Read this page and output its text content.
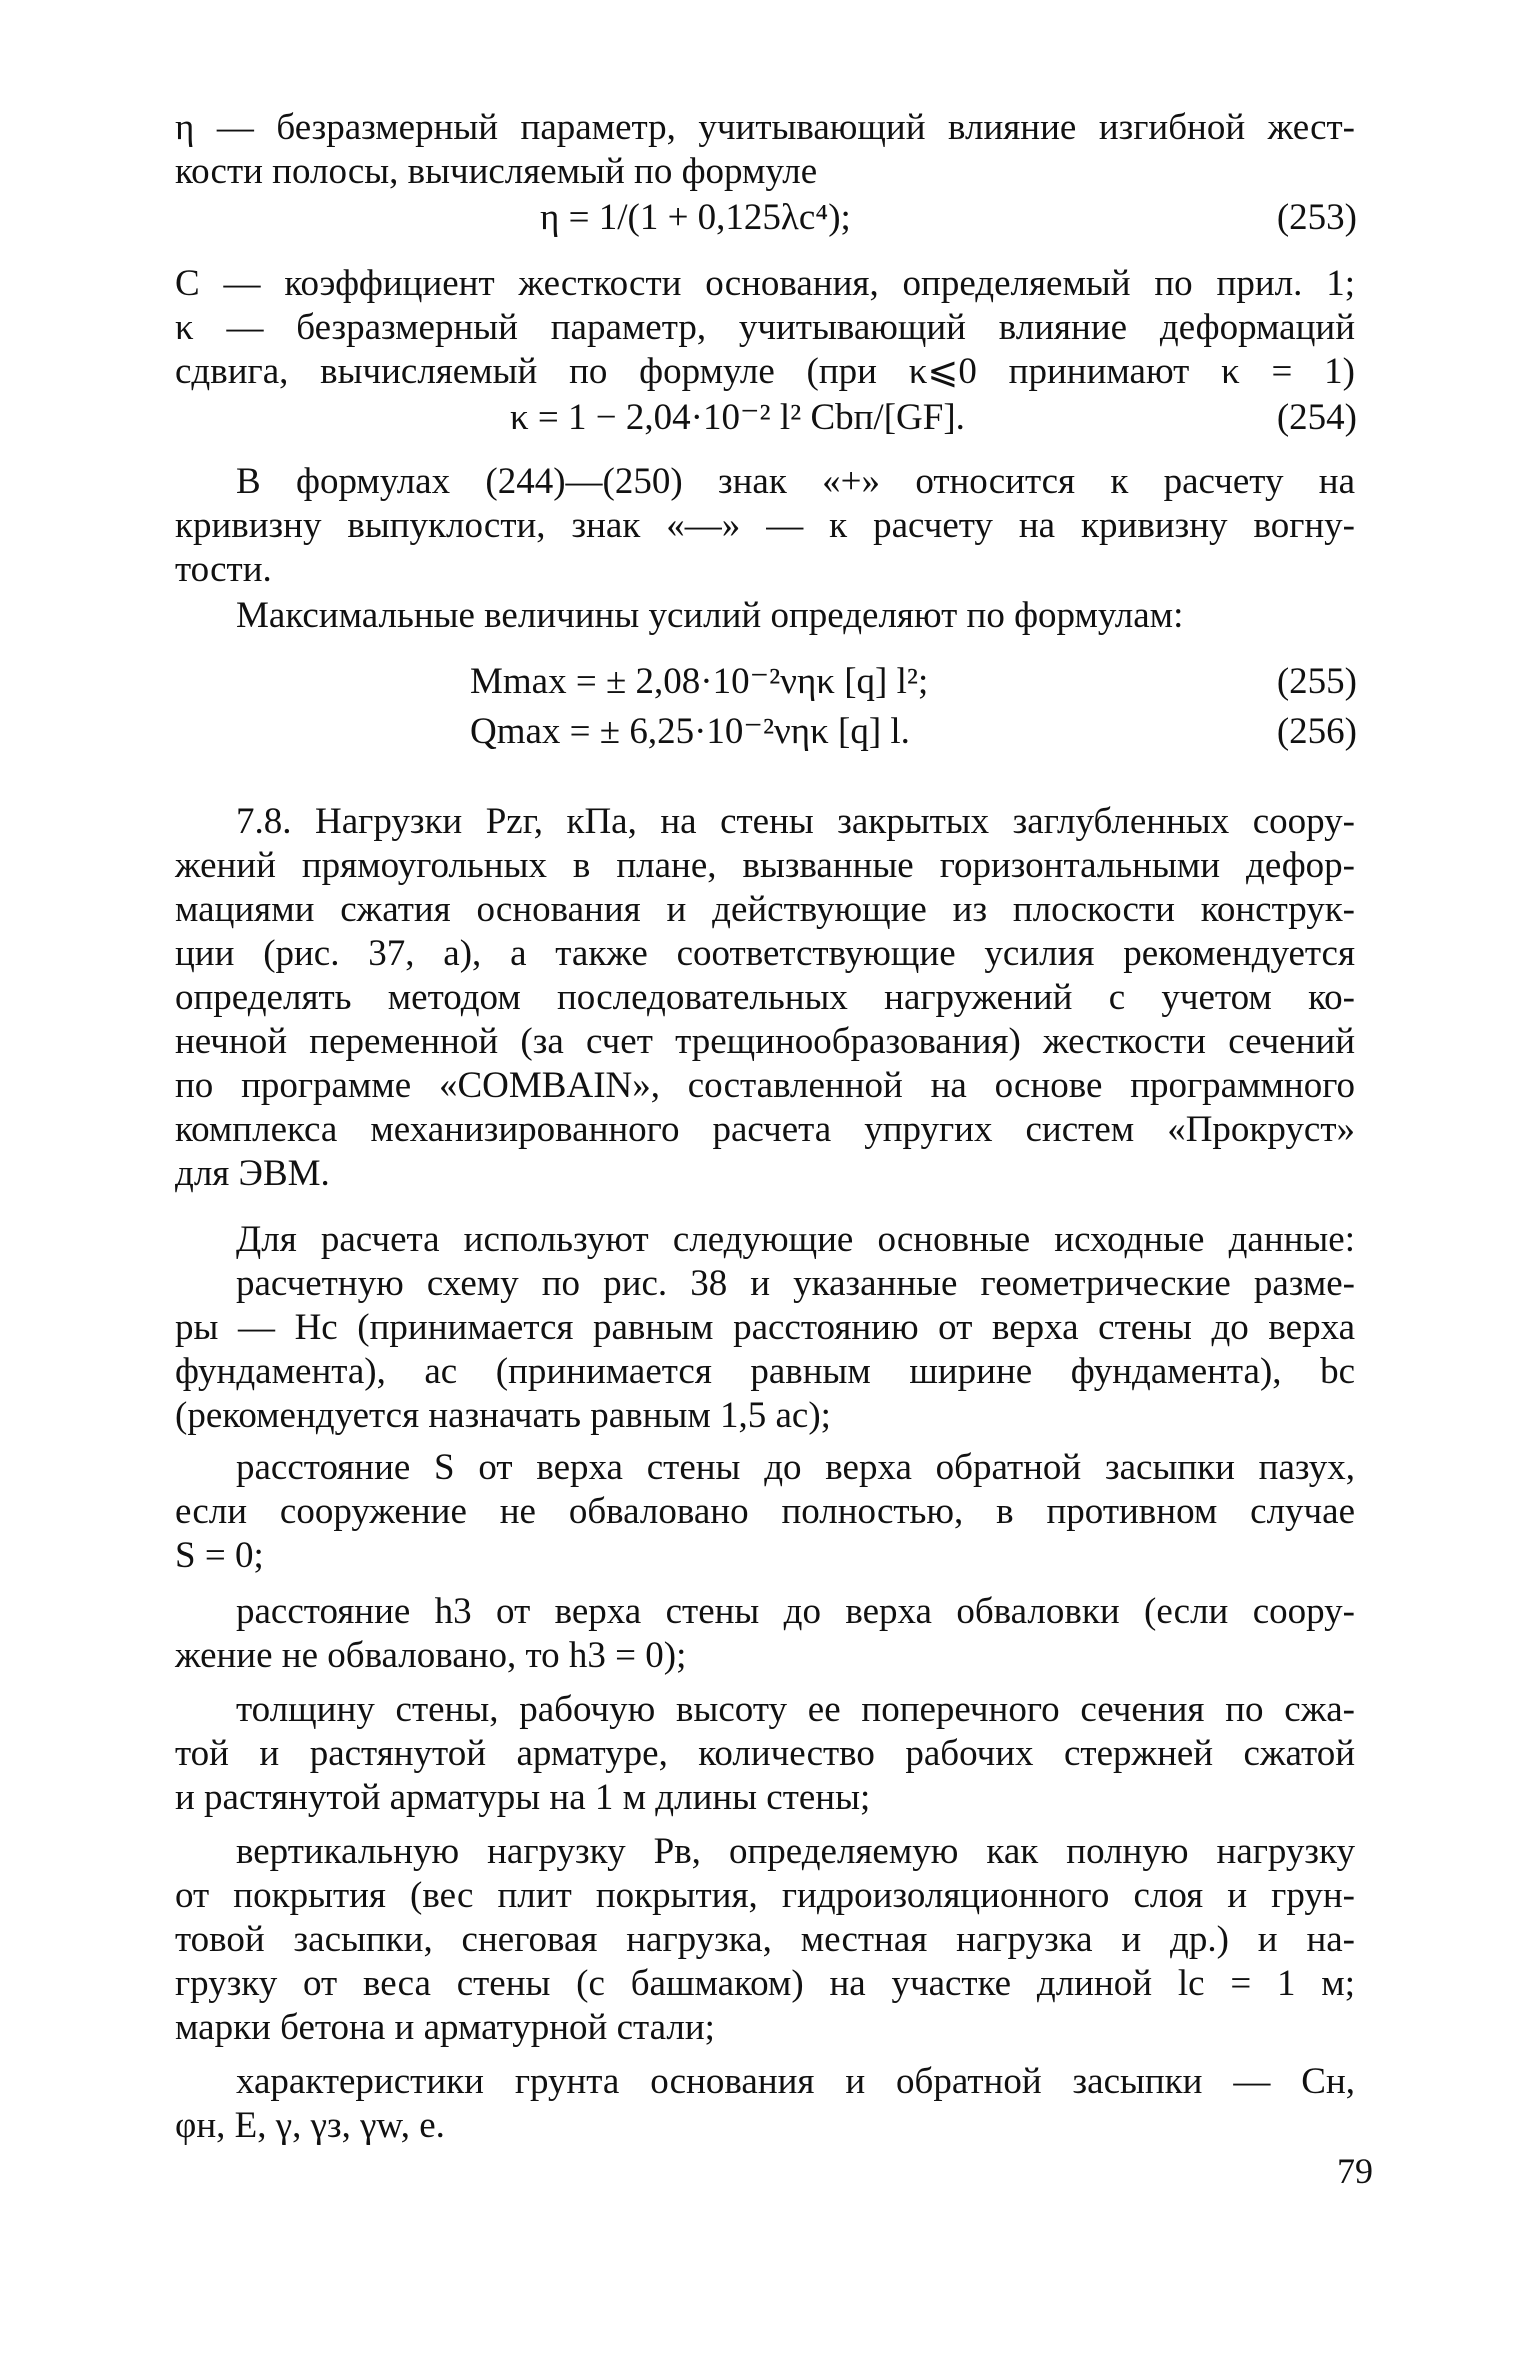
η — безразмерный параметр, учитывающий влияние изгибной жест-
кости полосы, вычисляемый по формуле
η = 1/(1 + 0,125λc⁴);	(253)
C — коэффициент жесткости основания, определяемый по прил. 1;
κ — безразмерный параметр, учитывающий влияние деформаций
сдвига, вычисляемый по формуле (при κ⩽0 принимают κ = 1)
κ = 1 − 2,04·10⁻² l² Cbп/[GF].	(254)
В формулах (244)—(250) знак «+» относится к расчету на
кривизну выпуклости, знак «—» — к расчету на кривизну вогну-
тости.
Максимальные величины усилий определяют по формулам:
Mmax = ± 2,08·10⁻²νηκ [q] l²;	(255)
Qmax = ± 6,25·10⁻²νηκ [q] l.	(256)
7.8. Нагрузки Pzг, кПа, на стены закрытых заглубленных соору-
жений прямоугольных в плане, вызванные горизонтальными дефор-
мациями сжатия основания и действующие из плоскости конструк-
ции (рис. 37, а), а также соответствующие усилия рекомендуется
определять методом последовательных нагружений с учетом ко-
нечной переменной (за счет трещинообразования) жесткости сечений
по программе «COMBAIN», составленной на основе программного
комплекса механизированного расчета упругих систем «Прокруст»
для ЭВМ.
Для расчета используют следующие основные исходные данные:
расчетную схему по рис. 38 и указанные геометрические разме-
ры — Hc (принимается равным расстоянию от верха стены до верха
фундамента), ac (принимается равным ширине фундамента), bc
(рекомендуется назначать равным 1,5 ac);
расстояние S от верха стены до верха обратной засыпки пазух,
если сооружение не обвалованo полностью, в противном случае
S = 0;
расстояние h3 от верха стены до верха обваловки (если соору-
жение не обваловано, то h3 = 0);
толщину стены, рабочую высоту ее поперечного сечения по сжа-
той и растянутой арматуре, количество рабочих стержней сжатой
и растянутой арматуры на 1 м длины стены;
вертикальную нагрузку Pв, определяемую как полную нагрузку
от покрытия (вес плит покрытия, гидроизоляционного слоя и грун-
товой засыпки, снеговая нагрузка, местная нагрузка и др.) и на-
грузку от веса стены (с башмаком) на участке длиной lc = 1 м;
марки бетона и арматурной стали;
характеристики грунта основания и обратной засыпки — Cн,
φн, E, γ, γз, γw, e.
79
